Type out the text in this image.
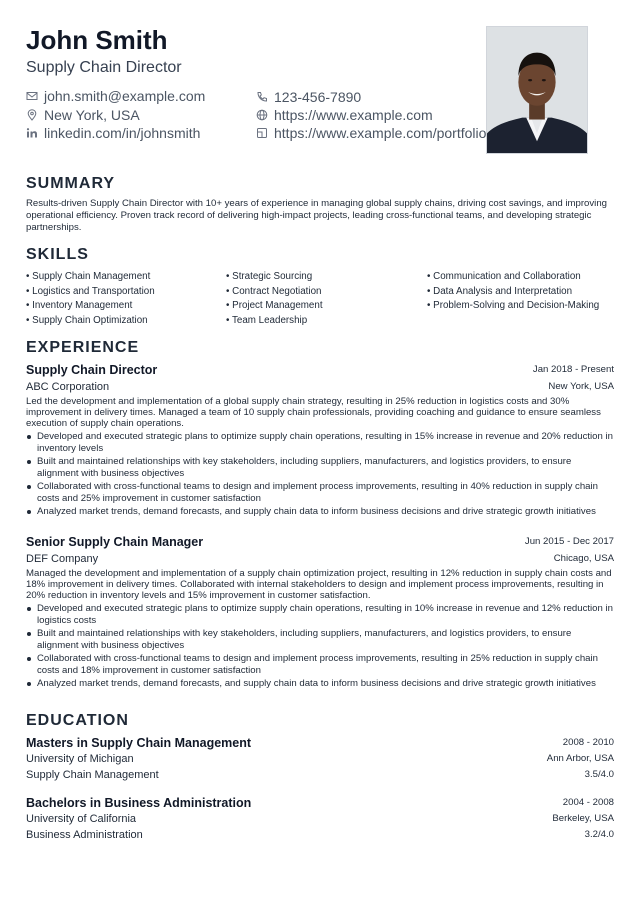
John Smith
Supply Chain Director
john.smith@example.com	123-456-7890
New York, USA	https://www.example.com
linkedin.com/in/johnsmith	https://www.example.com/portfolio
SUMMARY

Results-driven Supply Chain Director with 10+ years of experience in managing global supply chains, driving cost savings, and improving operational efficiency. Proven track record of delivering high-impact projects, leading cross-functional teams, and developing strategic partnerships.

SKILLS
• Supply Chain Management
• Logistics and Transportation
• Inventory Management
• Supply Chain Optimization
• Strategic Sourcing
• Contract Negotiation
• Project Management
• Team Leadership
• Communication and Collaboration
• Data Analysis and Interpretation
• Problem-Solving and Decision-Making
EXPERIENCE
Supply Chain Director	Jan 2018 - Present
ABC Corporation	New York, USA

Led the development and implementation of a global supply chain strategy, resulting in 25% reduction in logistics costs and 30% improvement in delivery times. Managed a team of 10 supply chain professionals, providing coaching and guidance to ensure seamless execution of supply chain operations.

Developed and executed strategic plans to optimize supply chain operations, resulting in 15% increase in revenue and 20% reduction in inventory levels
Built and maintained relationships with key stakeholders, including suppliers, manufacturers, and logistics providers, to ensure alignment with business objectives
Collaborated with cross-functional teams to design and implement process improvements, resulting in 40% reduction in supply chain costs and 25% improvement in customer satisfaction
Analyzed market trends, demand forecasts, and supply chain data to inform business decisions and drive strategic growth initiatives
Senior Supply Chain Manager	Jun 2015 - Dec 2017
DEF Company	Chicago, USA

Managed the development and implementation of a supply chain optimization project, resulting in 12% reduction in supply chain costs and 18% improvement in delivery times. Collaborated with internal stakeholders to design and implement process improvements, resulting in 20% reduction in inventory levels and 15% improvement in customer satisfaction.

Developed and executed strategic plans to optimize supply chain operations, resulting in 10% increase in revenue and 12% reduction in logistics costs
Built and maintained relationships with key stakeholders, including suppliers, manufacturers, and logistics providers, to ensure alignment with business objectives
Collaborated with cross-functional teams to design and implement process improvements, resulting in 25% reduction in supply chain costs and 18% improvement in customer satisfaction
Analyzed market trends, demand forecasts, and supply chain data to inform business decisions and drive strategic growth initiatives
EDUCATION
Masters in Supply Chain Management	2008 - 2010
University of Michigan	Ann Arbor, USA
Supply Chain Management	3.5/4.0
Bachelors in Business Administration	2004 - 2008
University of California	Berkeley, USA
Business Administration	3.2/4.0
